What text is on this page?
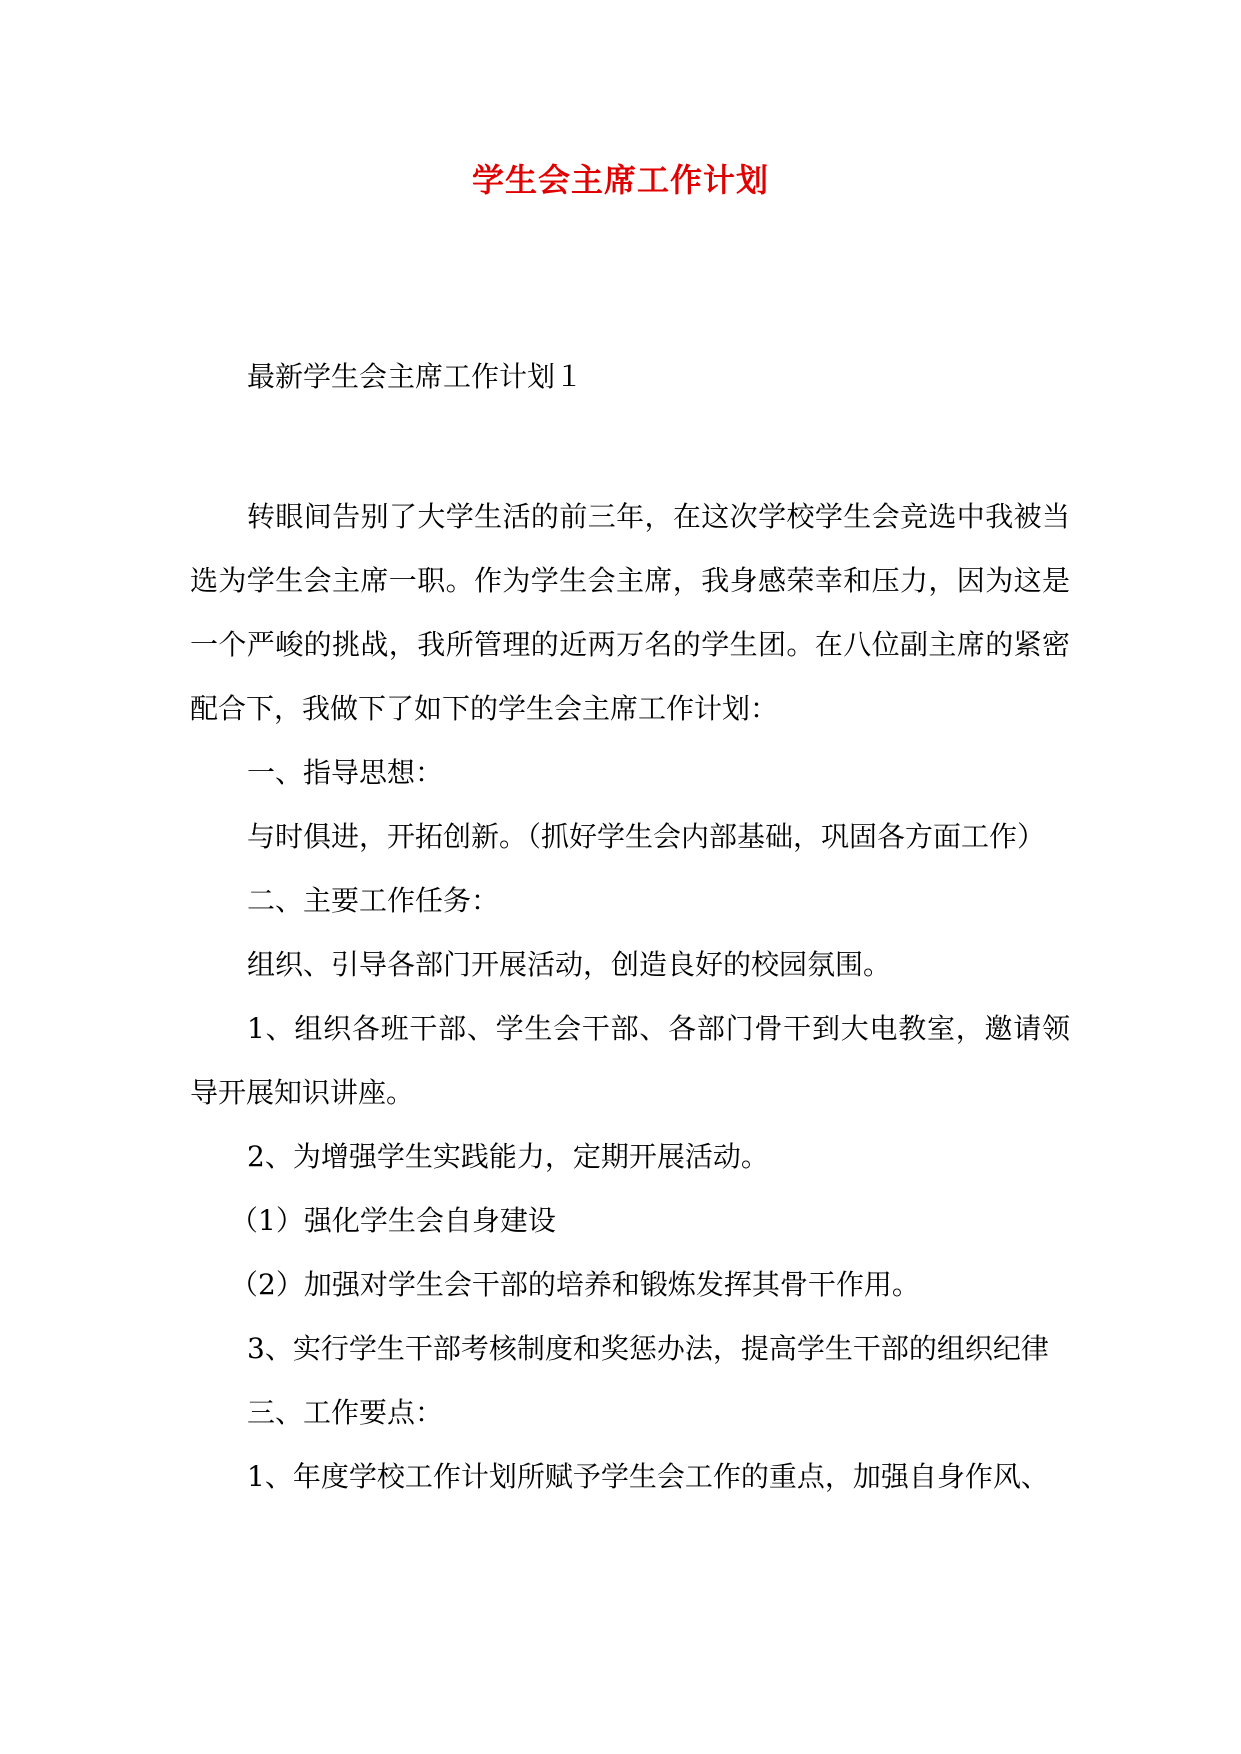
学生会主席工作计划

最新学生会主席工作计划１

转眼间告别了大学生活的前三年，在这次学校学生会竞选中我被当选为学生会主席一职。作为学生会主席，我身感荣幸和压力，因为这是一个严峻的挑战，我所管理的近两万名的学生团。在八位副主席的紧密配合下，我做下了如下的学生会主席工作计划：

一、指导思想：

与时俱进，开拓创新。（抓好学生会内部基础，巩固各方面工作）

二、主要工作任务：

组织、引导各部门开展活动，创造良好的校园氛围。

1、组织各班干部、学生会干部、各部门骨干到大电教室，邀请领导开展知识讲座。

2、为增强学生实践能力，定期开展活动。

（1）强化学生会自身建设

（2）加强对学生会干部的培养和锻炼发挥其骨干作用。

3、实行学生干部考核制度和奖惩办法，提高学生干部的组织纪律

三、工作要点：

1、年度学校工作计划所赋予学生会工作的重点，加强自身作风、
